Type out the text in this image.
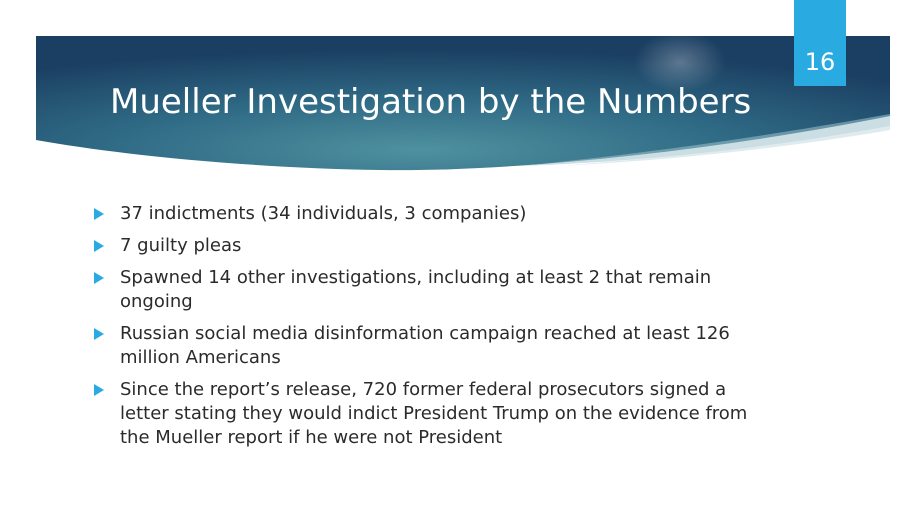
16
Mueller Investigation by the Numbers
37 indictments (34 individuals, 3 companies)
7 guilty pleas
Spawned 14 other investigations, including at least 2 that remain ongoing
Russian social media disinformation campaign reached at least 126 million Americans
Since the report’s release, 720 former federal prosecutors signed a letter stating they would indict President Trump on the evidence from the Mueller report if he were not President
